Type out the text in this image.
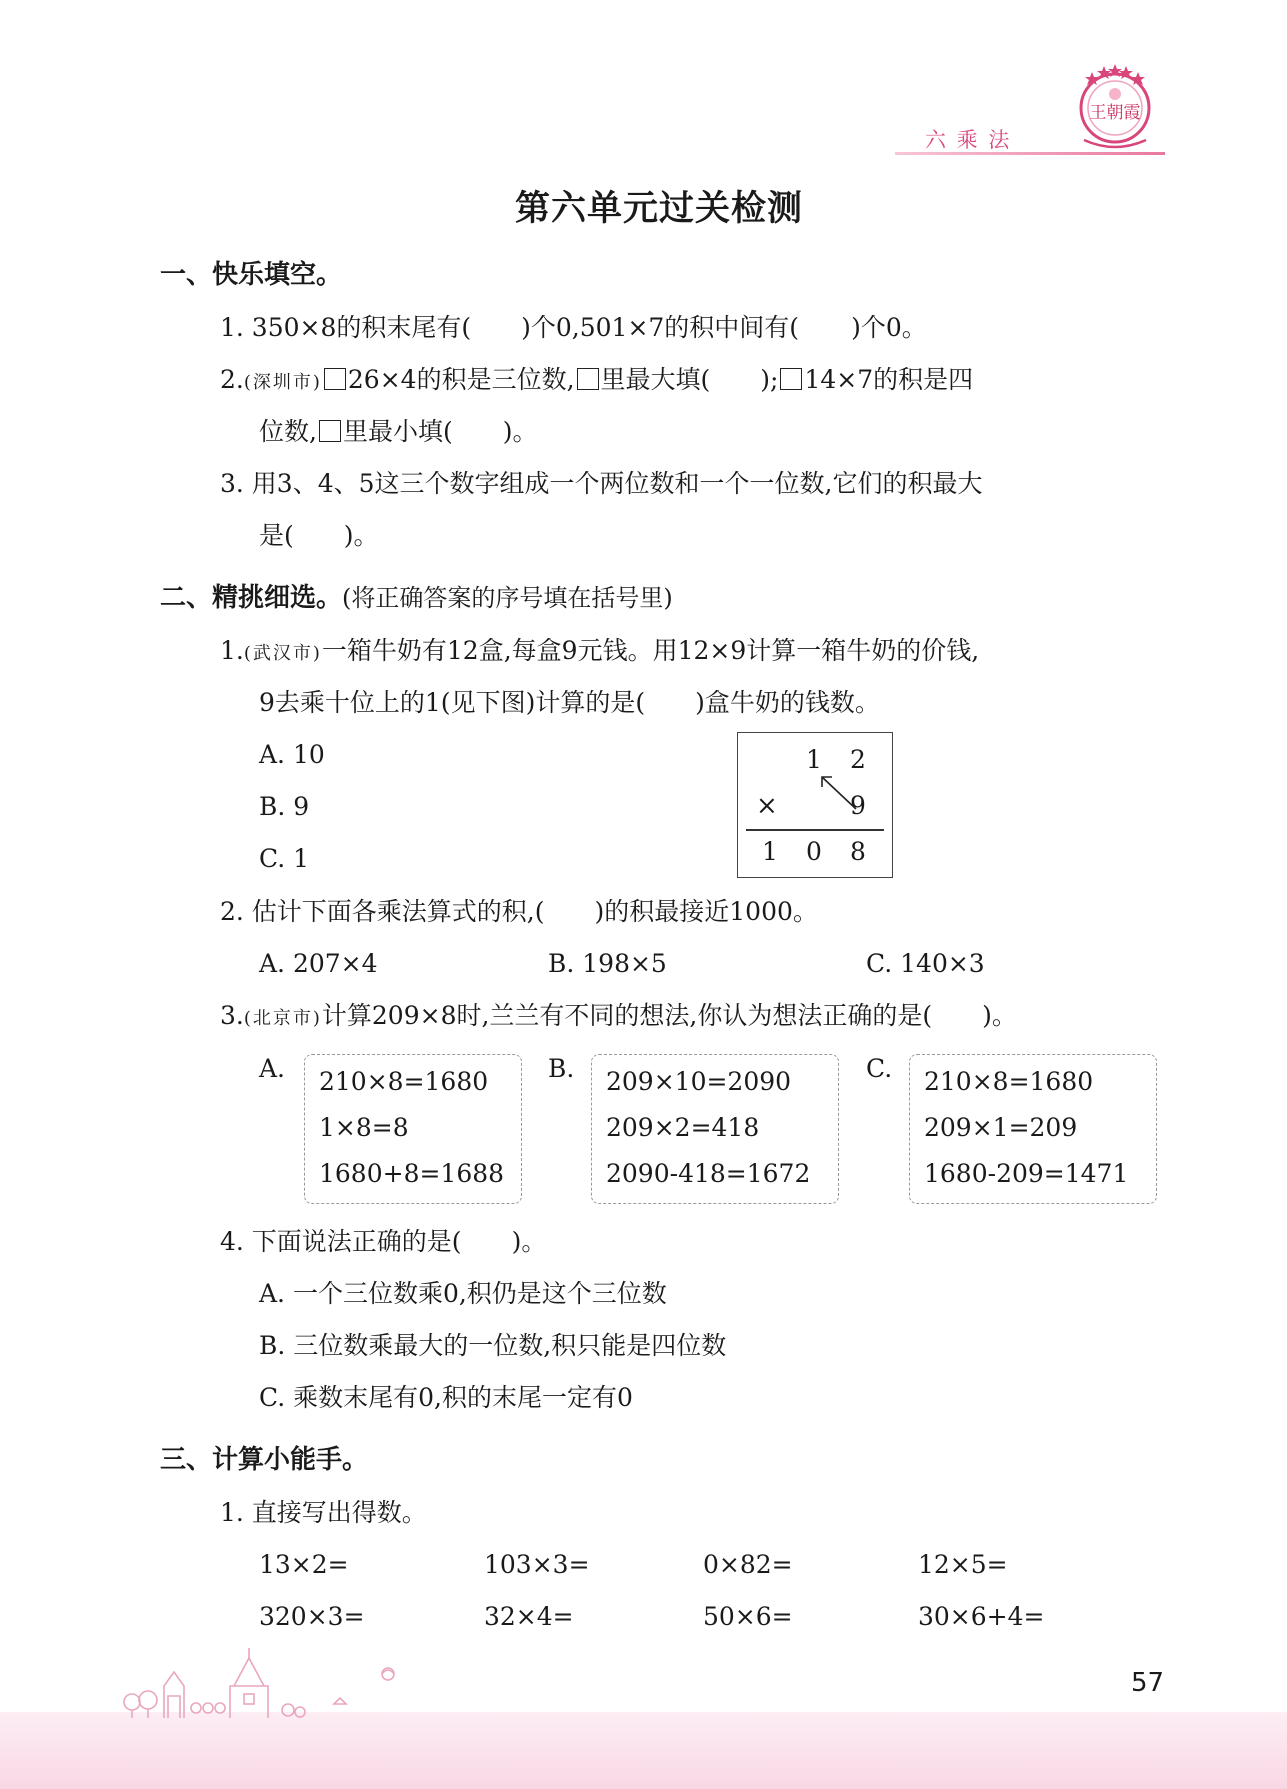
六 乘 法
王朝霞
第六单元过关检测
一、快乐填空。
1. 350×8的积末尾有( )个0,501×7的积中间有( )个0。
2.(深圳市) 26×4的积是三位数, 里最大填( ); 14×7的积是四
位数, 里最小填( )。
3. 用3、4、5这三个数字组成一个两位数和一个一位数,它们的积最大
是( )。
二、精挑细选。(将正确答案的序号填在括号里)
1.(武汉市)一箱牛奶有12盒,每盒9元钱。用12×9计算一箱牛奶的价钱,
9去乘十位上的1(见下图)计算的是( )盒牛奶的钱数。
A. 10
B. 9
C. 1
1 2
×	9
1 0 8
2. 估计下面各乘法算式的积,( )的积最接近1000。
A. 207×4	B. 198×5	C. 140×3
3.(北京市)计算209×8时,兰兰有不同的想法,你认为想法正确的是( )。
A. 210×8=1680
1×8=8
1680+8=1688
B. 209×10=2090
209×2=418
2090-418=1672
C. 210×8=1680
209×1=209
1680-209=1471
4. 下面说法正确的是( )。
A. 一个三位数乘0,积仍是这个三位数
B. 三位数乘最大的一位数,积只能是四位数
C. 乘数末尾有0,积的末尾一定有0
三、计算小能手。
1. 直接写出得数。
13×2=	103×3=	0×82=	12×5=
320×3=	32×4=	50×6=	30×6+4=
57
